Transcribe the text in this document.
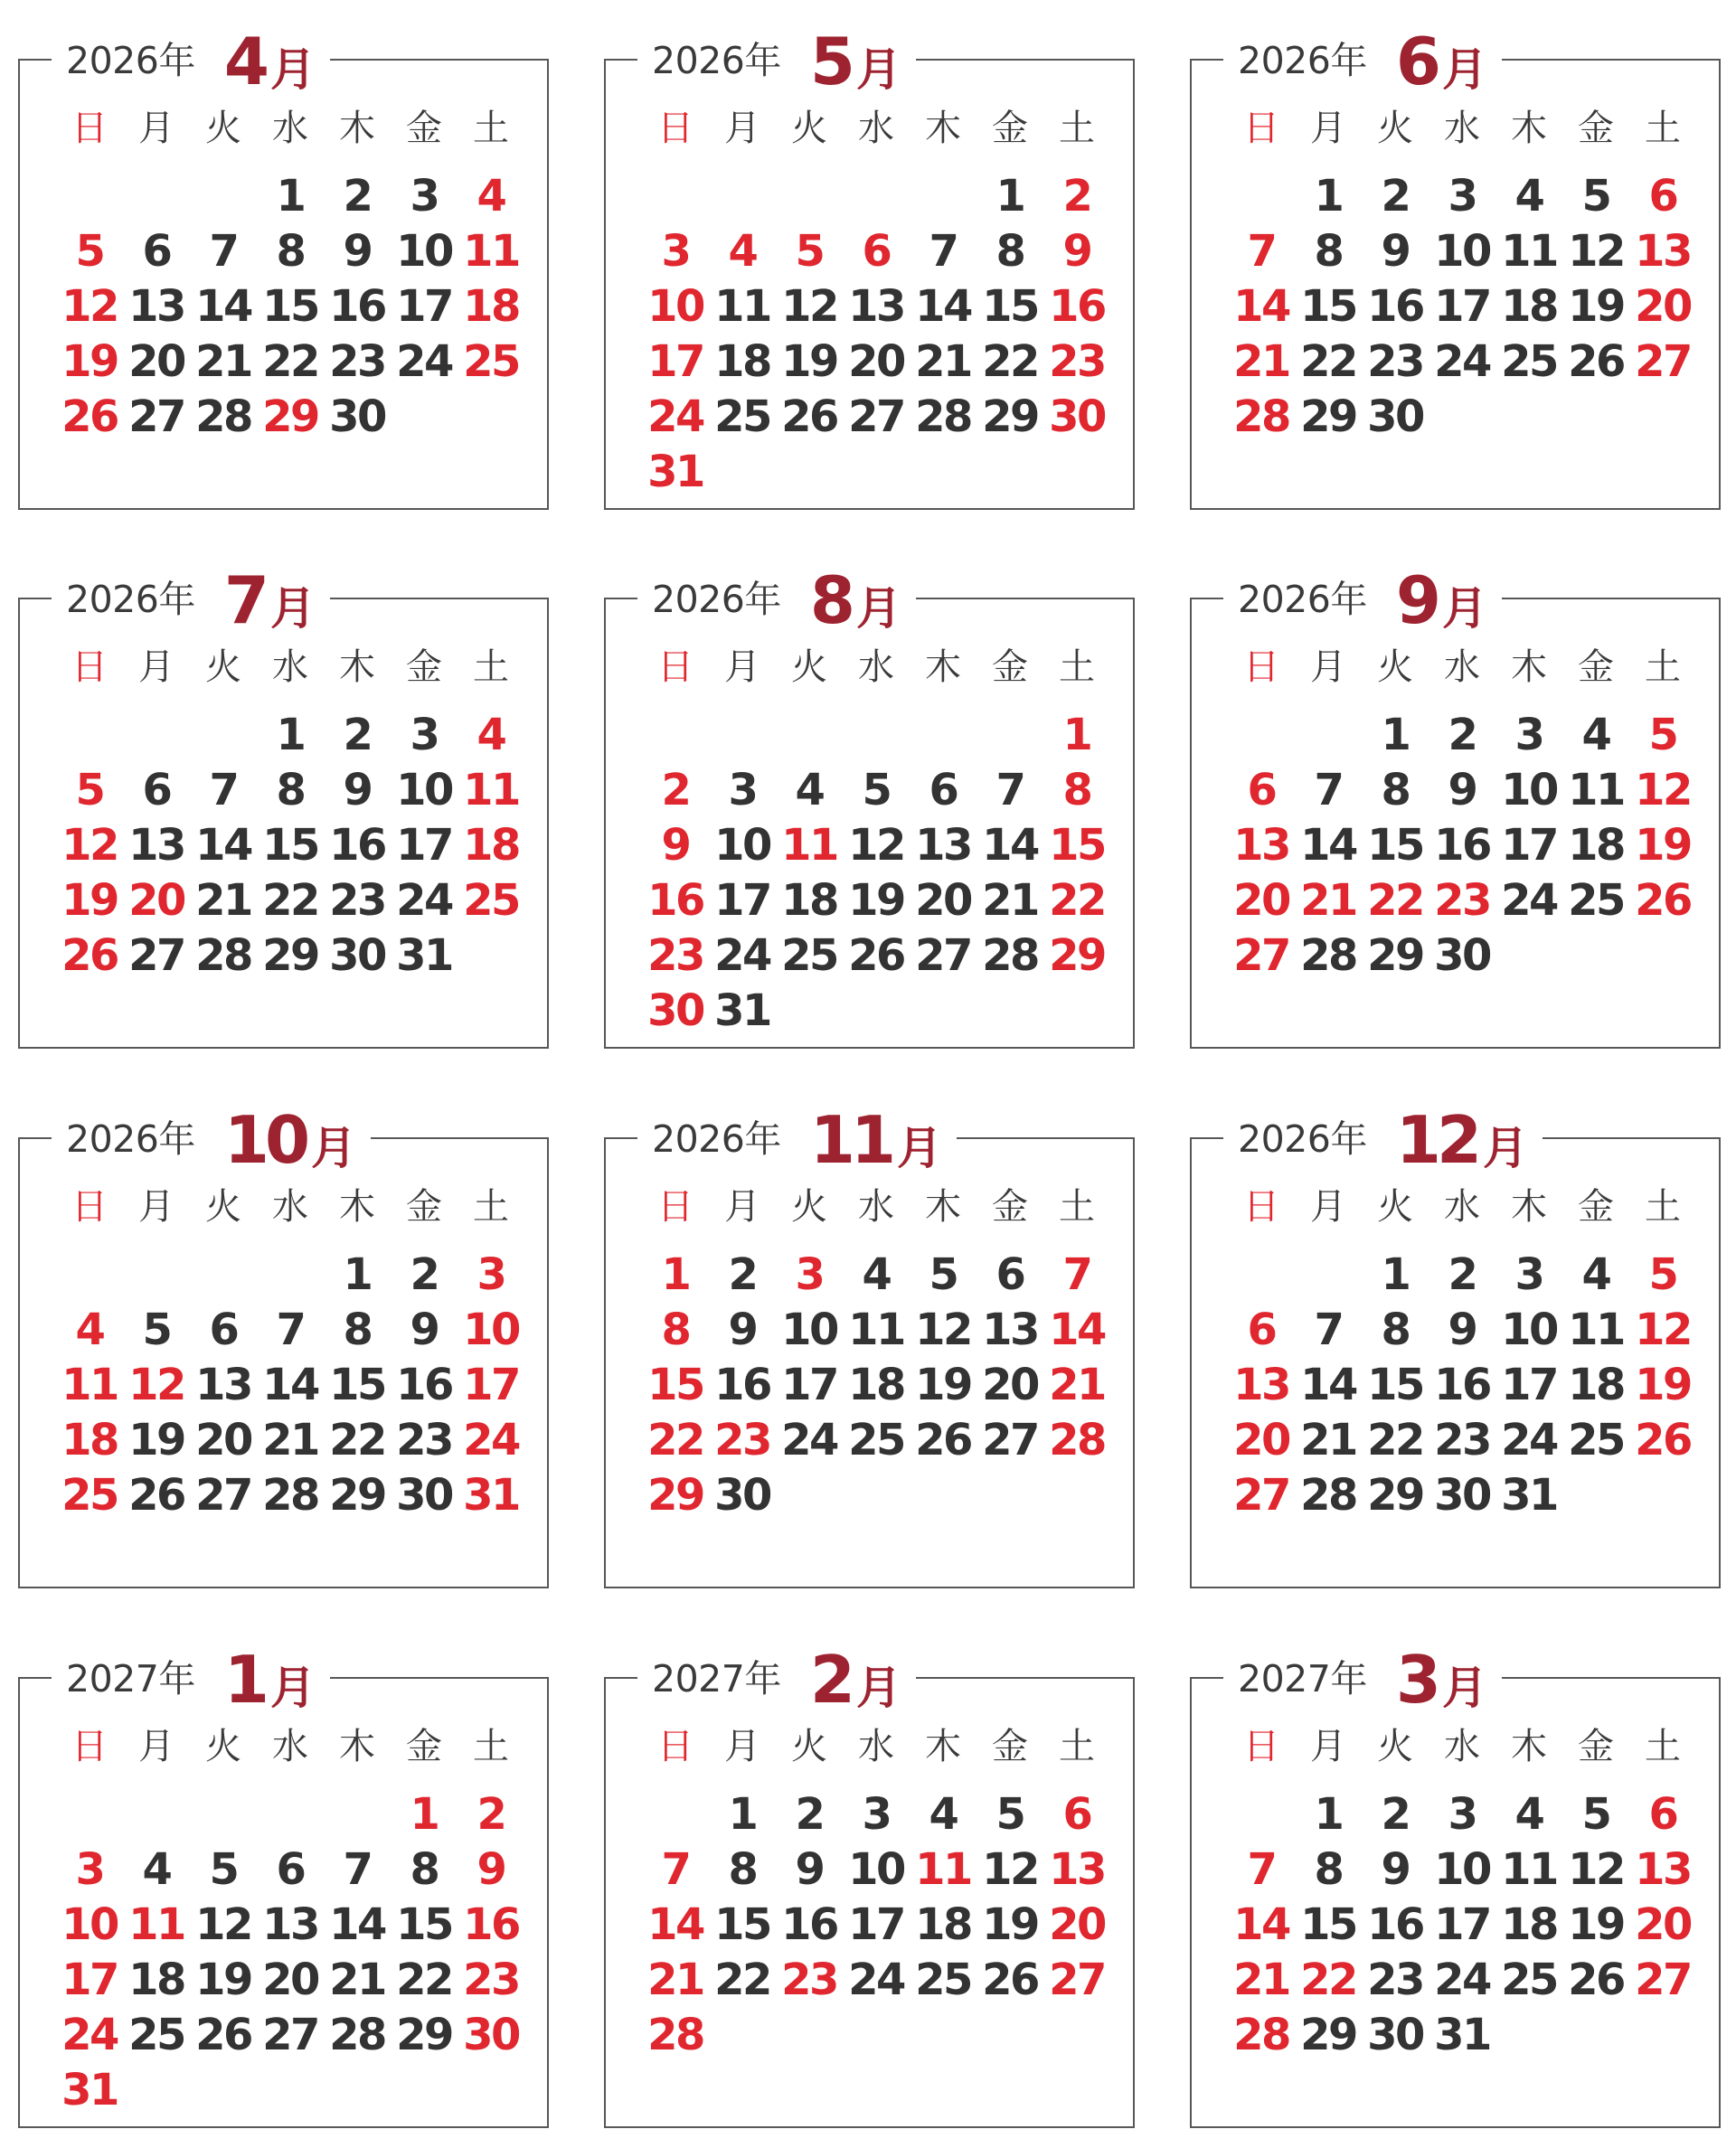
2026年 4 月
日 月 火 水 木 金 土
1 2 3 4
5 6 7 8 9 10 11
12 13 14 15 16 17 18
19 20 21 22 23 24 25
26 27 28 29 30
2026年 5 月
日 月 火 水 木 金 土
1 2
3 4 5 6 7 8 9
10 11 12 13 14 15 16
17 18 19 20 21 22 23
24 25 26 27 28 29 30
31
2026年 6 月
日 月 火 水 木 金 土
1 2 3 4 5 6
7 8 9 10 11 12 13
14 15 16 17 18 19 20
21 22 23 24 25 26 27
28 29 30
2026年 7 月
日 月 火 水 木 金 土
1 2 3 4
5 6 7 8 9 10 11
12 13 14 15 16 17 18
19 20 21 22 23 24 25
26 27 28 29 30 31
2026年 8 月
日 月 火 水 木 金 土
1
2 3 4 5 6 7 8
9 10 11 12 13 14 15
16 17 18 19 20 21 22
23 24 25 26 27 28 29
30 31
2026年 9 月
日 月 火 水 木 金 土
1 2 3 4 5
6 7 8 9 10 11 12
13 14 15 16 17 18 19
20 21 22 23 24 25 26
27 28 29 30
2026年 10 月
日 月 火 水 木 金 土
1 2 3
4 5 6 7 8 9 10
11 12 13 14 15 16 17
18 19 20 21 22 23 24
25 26 27 28 29 30 31
2026年 11 月
日 月 火 水 木 金 土
1 2 3 4 5 6 7
8 9 10 11 12 13 14
15 16 17 18 19 20 21
22 23 24 25 26 27 28
29 30
2026年 12 月
日 月 火 水 木 金 土
1 2 3 4 5
6 7 8 9 10 11 12
13 14 15 16 17 18 19
20 21 22 23 24 25 26
27 28 29 30 31
2027年 1 月
日 月 火 水 木 金 土
1 2
3 4 5 6 7 8 9
10 11 12 13 14 15 16
17 18 19 20 21 22 23
24 25 26 27 28 29 30
31
2027年 2 月
日 月 火 水 木 金 土
1 2 3 4 5 6
7 8 9 10 11 12 13
14 15 16 17 18 19 20
21 22 23 24 25 26 27
28
2027年 3 月
日 月 火 水 木 金 土
1 2 3 4 5 6
7 8 9 10 11 12 13
14 15 16 17 18 19 20
21 22 23 24 25 26 27
28 29 30 31
